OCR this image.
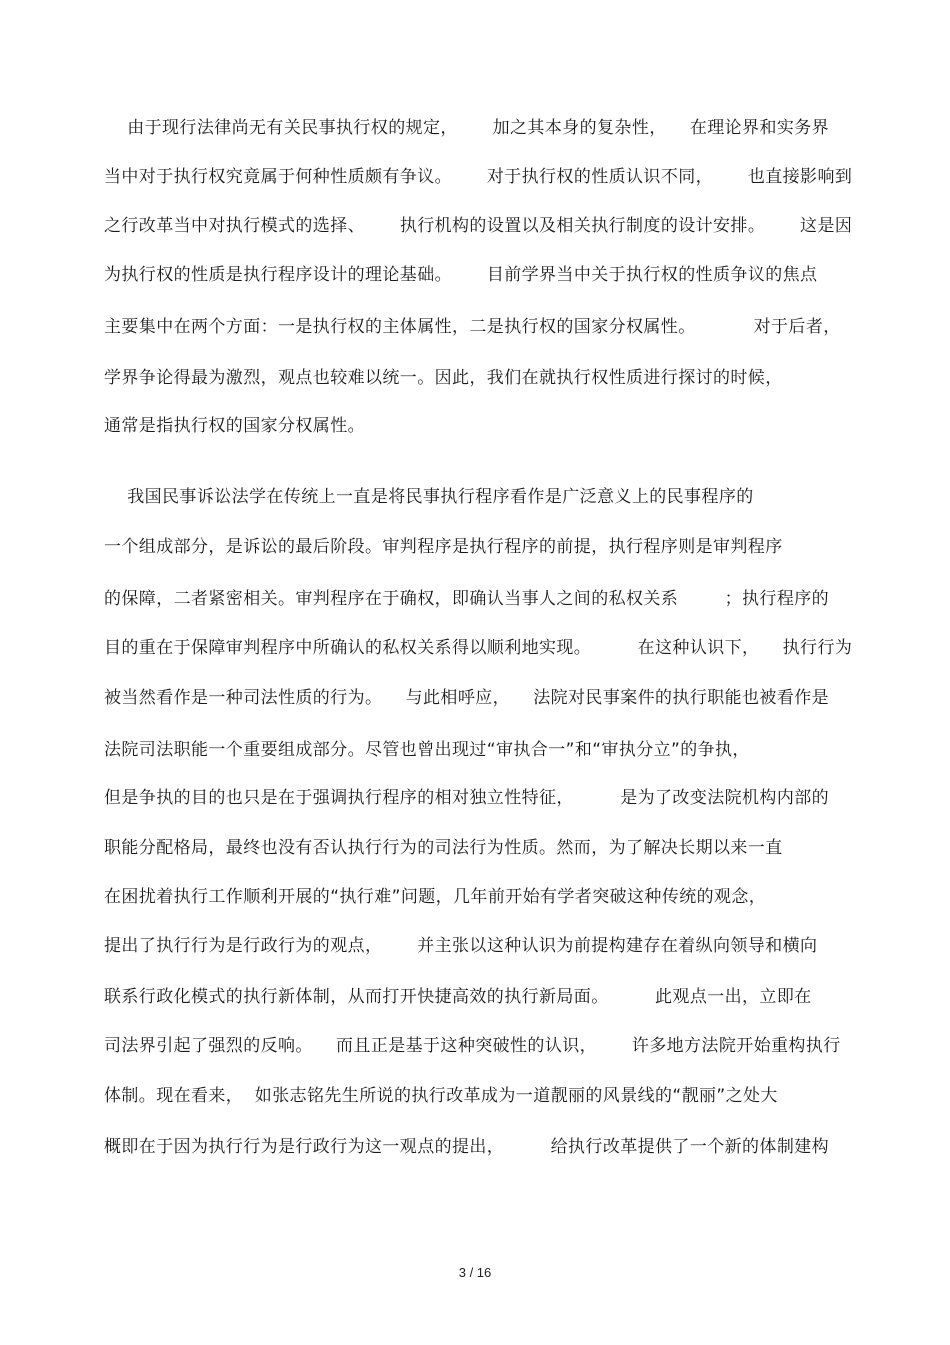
由于现行法律尚无有关民事执行权的规定，      加之其本身的复杂性，    在理论界和实务界
当中对于执行权究竟属于何种性质颇有争议。      对于执行权的性质认识不同，      也直接影响到
之行改革当中对执行模式的选择、      执行机构的设置以及相关执行制度的设计安排。      这是因
为执行权的性质是执行程序设计的理论基础。      目前学界当中关于执行权的性质争议的焦点
主要集中在两个方面：一是执行权的主体属性，二是执行权的国家分权属性。          对于后者，
学界争论得最为激烈，观点也较难以统一。因此，我们在就执行权性质进行探讨的时候，
通常是指执行权的国家分权属性。
我国民事诉讼法学在传统上一直是将民事执行程序看作是广泛意义上的民事程序的
一个组成部分，是诉讼的最后阶段。审判程序是执行程序的前提，执行程序则是审判程序
的保障，二者紧密相关。审判程序在于确权，即确认当事人之间的私权关系        ；执行程序的
目的重在于保障审判程序中所确认的私权关系得以顺利地实现。        在这种认识下，    执行行为
被当然看作是一种司法性质的行为。    与此相呼应，    法院对民事案件的执行职能也被看作是
法院司法职能一个重要组成部分。尽管也曾出现过“审执合一”和“审执分立”的争执，
但是争执的目的也只是在于强调执行程序的相对独立性特征，        是为了改变法院机构内部的
职能分配格局，最终也没有否认执行行为的司法行为性质。然而，为了解决长期以来一直
在困扰着执行工作顺利开展的“执行难”问题，几年前开始有学者突破这种传统的观念，
提出了执行行为是行政行为的观点，      并主张以这种认识为前提构建存在着纵向领导和横向
联系行政化模式的执行新体制，从而打开快捷高效的执行新局面。        此观点一出，立即在
司法界引起了强烈的反响。    而且正是基于这种突破性的认识，      许多地方法院开始重构执行
体制。现在看来，  如张志铭先生所说的执行改革成为一道靓丽的风景线的“靓丽”之处大
概即在于因为执行行为是行政行为这一观点的提出，        给执行改革提供了一个新的体制建构
3 / 16
